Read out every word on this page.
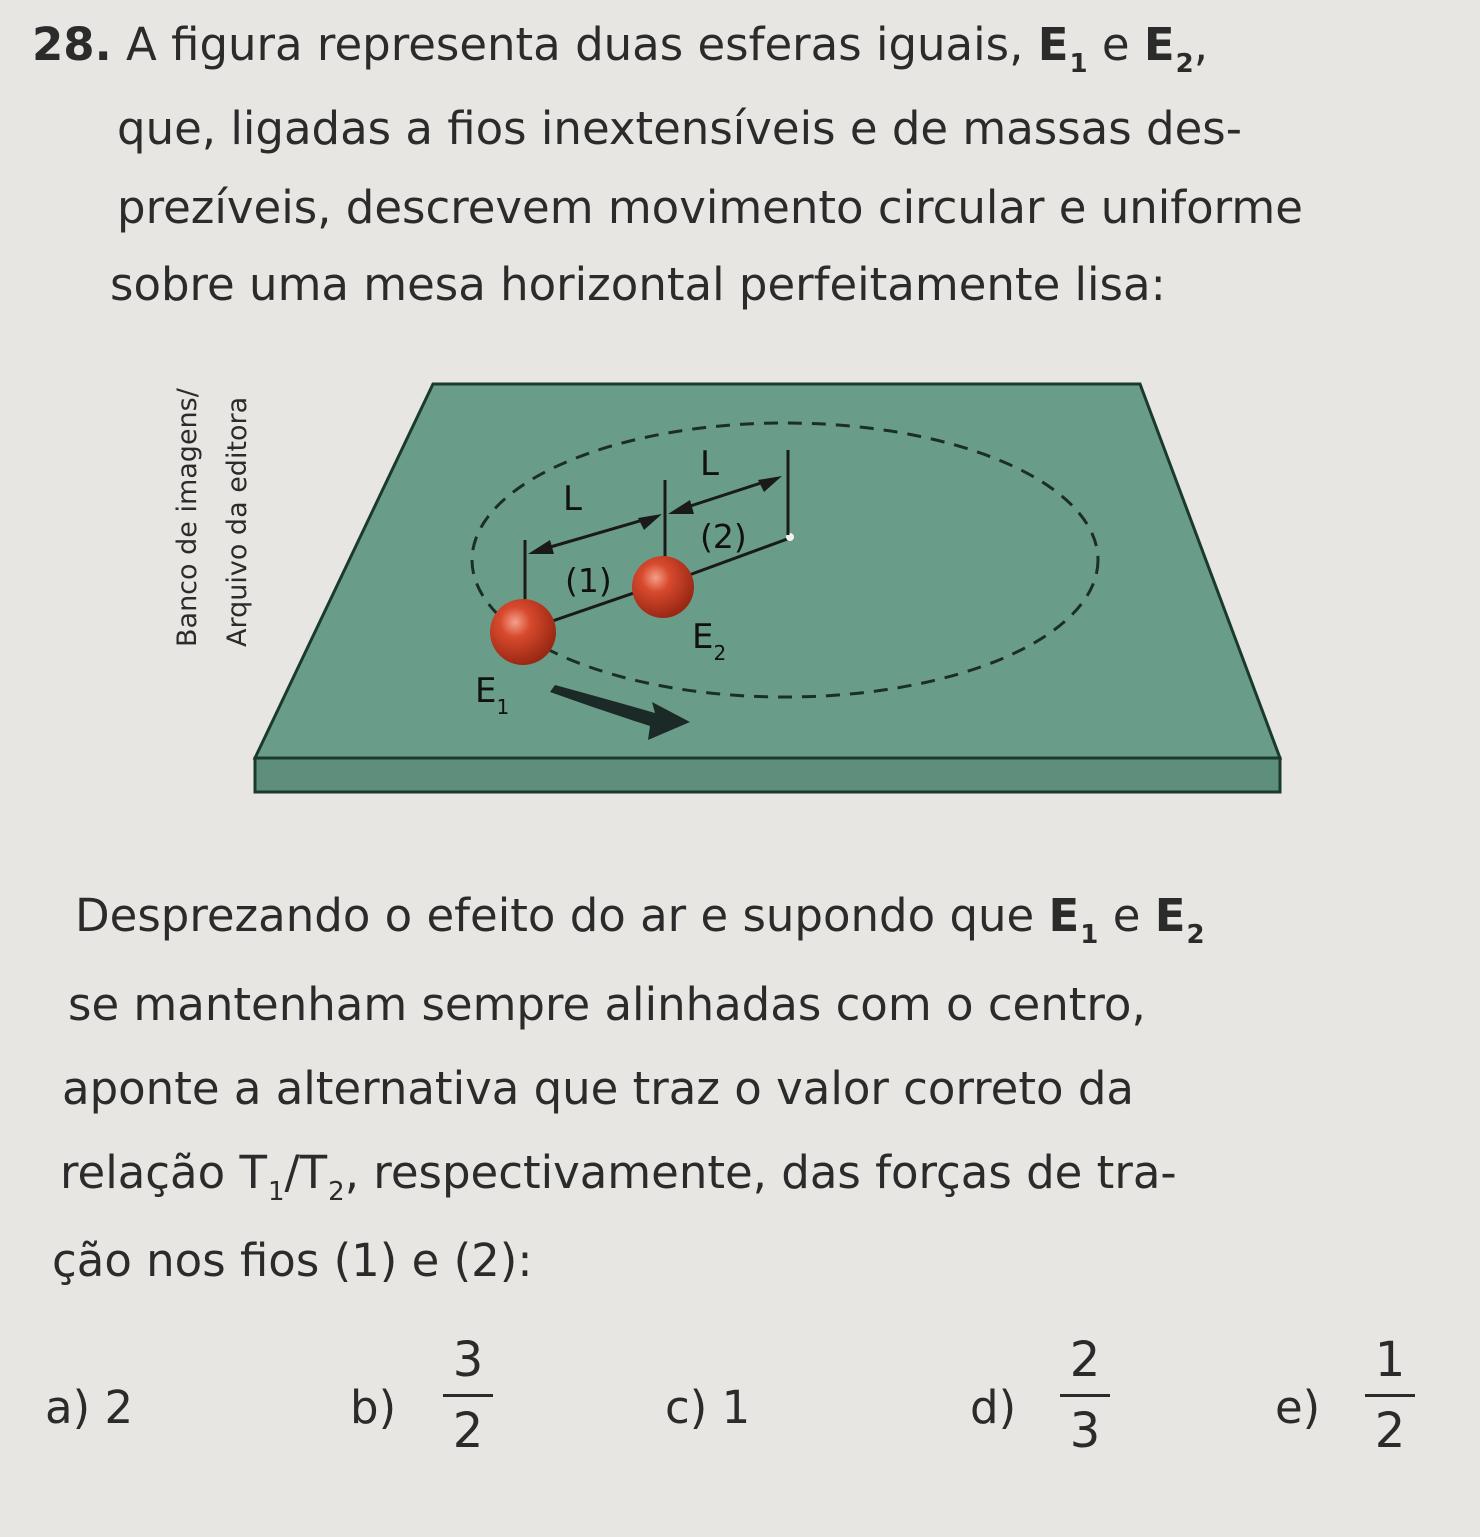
28. A figura representa duas esferas iguais, $E_1$ e $E_2$,
que, ligadas a fios inextensíveis e de massas des-
prezíveis, descrevem movimento circular e uniforme
sobre uma mesa horizontal perfeitamente lisa:
Banco de imagens/ Arquivo da editora	L
L
(1)
(2)
$E_2$
$E_1$
Desprezando o efeito do ar e supondo que $E_1$ e $E_2$
se mantenham sempre alinhadas com o centro,
aponte a alternativa que traz o valor correto da
relação $T_1/T_2$, respectivamente, das forças de tra-
ção nos fios (1) e (2):
a) 2	b)
3
2	c) 1	d)
2
3	e)
1
2
